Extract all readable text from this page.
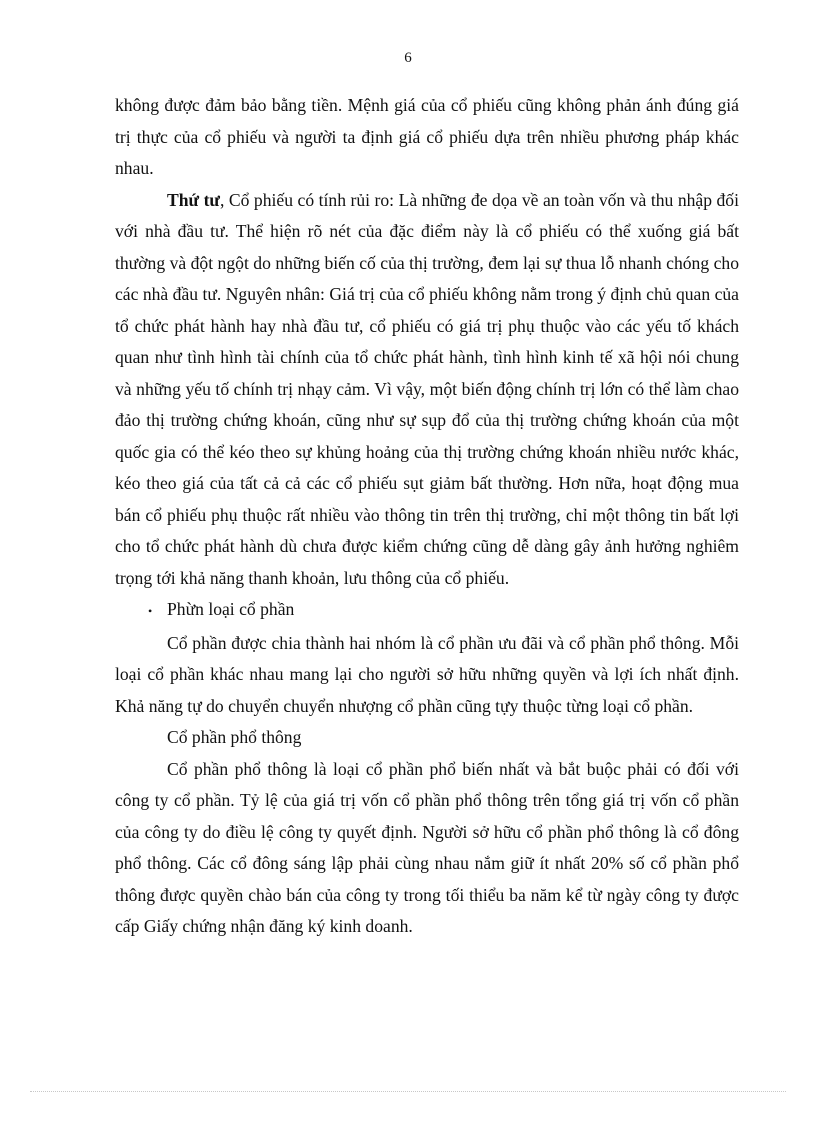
6

không được đảm bảo bằng tiền. Mệnh giá của cổ phiếu cũng không phản ánh đúng giá trị thực của cổ phiếu và người ta định giá cổ phiếu dựa trên nhiều phương pháp khác nhau.

Thứ tư, Cổ phiếu có tính rủi ro: Là những đe dọa về an toàn vốn và thu nhập đối với nhà đầu tư. Thể hiện rõ nét của đặc điểm này là cổ phiếu có thể xuống giá bất thường và đột ngột do những biến cố của thị trường, đem lại sự thua lỗ nhanh chóng cho các nhà đầu tư. Nguyên nhân: Giá trị của cổ phiếu không nằm trong ý định chủ quan của tổ chức phát hành hay nhà đầu tư, cổ phiếu có giá trị phụ thuộc vào các yếu tố khách quan như tình hình tài chính của tổ chức phát hành, tình hình kinh tế xã hội nói chung và những yếu tố chính trị nhạy cảm. Vì vậy, một biến động chính trị lớn có thể làm chao đảo thị trường chứng khoán, cũng như sự sụp đổ của thị trường chứng khoán của một quốc gia có thể kéo theo sự khủng hoảng của thị trường chứng khoán nhiều nước khác, kéo theo giá của tất cả cả các cổ phiếu sụt giảm bất thường. Hơn nữa, hoạt động mua bán cổ phiếu phụ thuộc rất nhiều vào thông tin trên thị trường, chỉ một thông tin bất lợi cho tổ chức phát hành dù chưa được kiểm chứng cũng dễ dàng gây ảnh hưởng nghiêm trọng tới khả năng thanh khoản, lưu thông của cổ phiếu.

• Phừn loại cổ phần

Cổ phần được chia thành hai nhóm là cổ phần ưu đãi và cổ phần phổ thông. Mỗi loại cổ phần khác nhau mang lại cho người sở hữu những quyền và lợi ích nhất định. Khả năng tự do chuyển chuyển nhượng cổ phần cũng tựy thuộc từng loại cổ phần.

Cổ phần phổ thông

Cổ phần phổ thông là loại cổ phần phổ biến nhất và bắt buộc phải có đối với công ty cổ phần. Tỷ lệ của giá trị vốn cổ phần phổ thông trên tổng giá trị vốn cổ phần của công ty do điều lệ công ty quyết định. Người sở hữu cổ phần phổ thông là cổ đông phổ thông. Các cổ đông sáng lập phải cùng nhau nắm giữ ít nhất 20% số cổ phần phổ thông được quyền chào bán của công ty trong tối thiểu ba năm kể từ ngày công ty được cấp Giấy chứng nhận đăng ký kinh doanh.
